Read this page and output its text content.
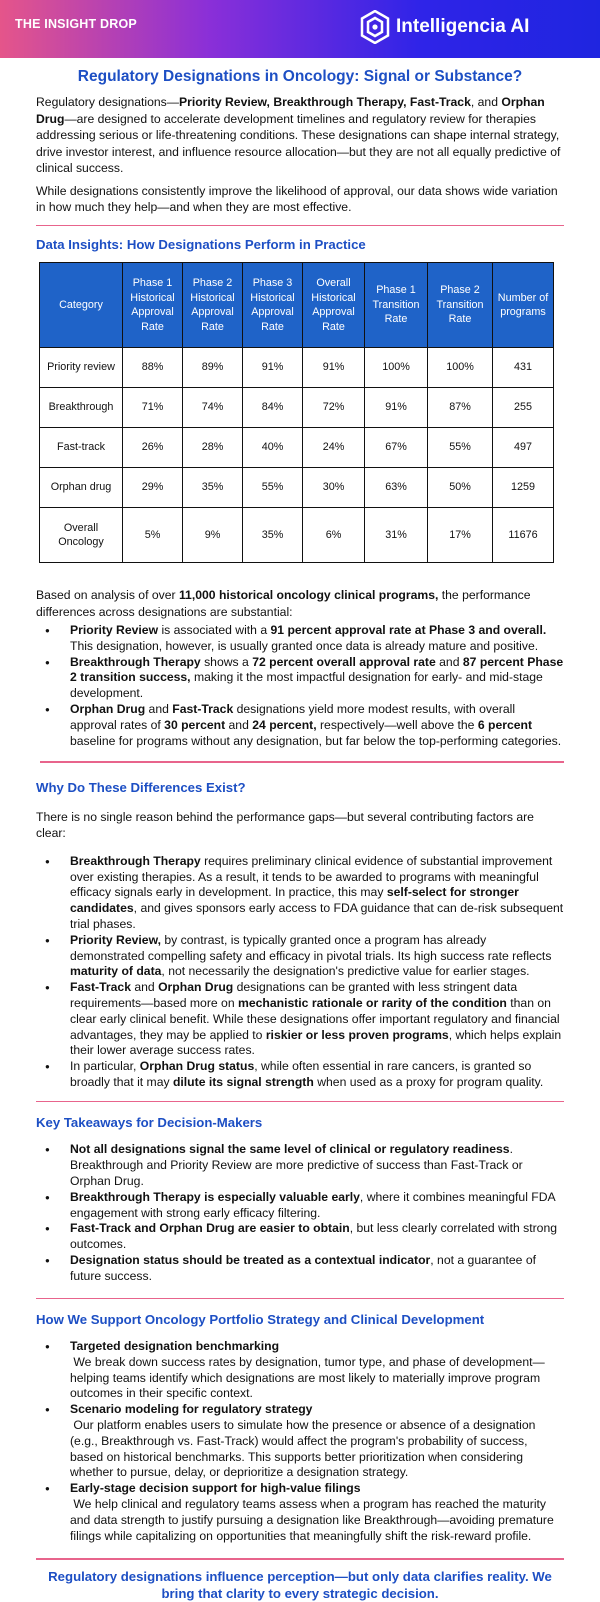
THE INSIGHT DROP	Intelligencia AI
Regulatory Designations in Oncology: Signal or Substance?

Regulatory designations—Priority Review, Breakthrough Therapy, Fast-Track, and Orphan Drug—are designed to accelerate development timelines and regulatory review for therapies addressing serious or life-threatening conditions. These designations can shape internal strategy, drive investor interest, and influence resource allocation—but they are not all equally predictive of clinical success.

While designations consistently improve the likelihood of approval, our data shows wide variation in how much they help—and when they are most effective.

Data Insights: How Designations Perform in Practice
Category	Phase 1 Historical Approval Rate	Phase 2 Historical Approval Rate	Phase 3 Historical Approval Rate	Overall Historical Approval Rate	Phase 1 Transition Rate	Phase 2 Transition Rate	Number of programs
Priority review	88%	89%	91%	91%	100%	100%	431
Breakthrough	71%	74%	84%	72%	91%	87%	255
Fast-track	26%	28%	40%	24%	67%	55%	497
Orphan drug	29%	35%	55%	30%	63%	50%	1259
Overall Oncology	5%	9%	35%	6%	31%	17%	11676

Based on analysis of over 11,000 historical oncology clinical programs, the performance differences across designations are substantial:

● Priority Review is associated with a 91 percent approval rate at Phase 3 and overall. This designation, however, is usually granted once data is already mature and positive.
● Breakthrough Therapy shows a 72 percent overall approval rate and 87 percent Phase 2 transition success, making it the most impactful designation for early- and mid-stage development.
● Orphan Drug and Fast-Track designations yield more modest results, with overall approval rates of 30 percent and 24 percent, respectively—well above the 6 percent baseline for programs without any designation, but far below the top-performing categories.
Why Do These Differences Exist?

There is no single reason behind the performance gaps—but several contributing factors are clear:

● Breakthrough Therapy requires preliminary clinical evidence of substantial improvement over existing therapies. As a result, it tends to be awarded to programs with meaningful efficacy signals early in development. In practice, this may self-select for stronger candidates, and gives sponsors early access to FDA guidance that can de-risk subsequent trial phases.
● Priority Review, by contrast, is typically granted once a program has already demonstrated compelling safety and efficacy in pivotal trials. Its high success rate reflects maturity of data, not necessarily the designation's predictive value for earlier stages.
● Fast-Track and Orphan Drug designations can be granted with less stringent data requirements—based more on mechanistic rationale or rarity of the condition than on clear early clinical benefit. While these designations offer important regulatory and financial advantages, they may be applied to riskier or less proven programs, which helps explain their lower average success rates.
● In particular, Orphan Drug status, while often essential in rare cancers, is granted so broadly that it may dilute its signal strength when used as a proxy for program quality.
Key Takeaways for Decision-Makers
● Not all designations signal the same level of clinical or regulatory readiness. Breakthrough and Priority Review are more predictive of success than Fast-Track or Orphan Drug.
● Breakthrough Therapy is especially valuable early, where it combines meaningful FDA engagement with strong early efficacy filtering.
● Fast-Track and Orphan Drug are easier to obtain, but less clearly correlated with strong outcomes.
● Designation status should be treated as a contextual indicator, not a guarantee of future success.
How We Support Oncology Portfolio Strategy and Clinical Development
● Targeted designation benchmarking
We break down success rates by designation, tumor type, and phase of development—helping teams identify which designations are most likely to materially improve program outcomes in their specific context.
● Scenario modeling for regulatory strategy
Our platform enables users to simulate how the presence or absence of a designation (e.g., Breakthrough vs. Fast-Track) would affect the program's probability of success, based on historical benchmarks. This supports better prioritization when considering whether to pursue, delay, or deprioritize a designation strategy.
● Early-stage decision support for high-value filings
We help clinical and regulatory teams assess when a program has reached the maturity and data strength to justify pursuing a designation like Breakthrough—avoiding premature filings while capitalizing on opportunities that meaningfully shift the risk-reward profile.
Regulatory designations influence perception—but only data clarifies reality. We bring that clarity to every strategic decision.
